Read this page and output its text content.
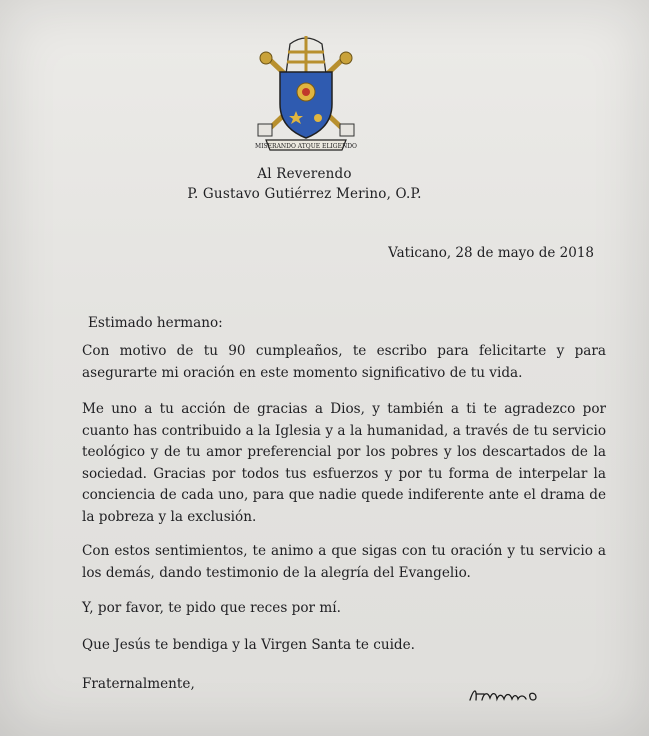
MISERANDO ATQUE ELIGENDO
Al Reverendo
P. Gustavo Gutiérrez Merino, O.P.
Vaticano, 28 de mayo de 2018
Estimado hermano:
Con motivo de tu 90 cumpleaños, te escribo para felicitarte y para asegurarte mi oración en este momento significativo de tu vida.
Me uno a tu acción de gracias a Dios, y también a ti te agradezco por cuanto has contribuido a la Iglesia y a la humanidad, a través de tu servicio teológico y de tu amor preferencial por los pobres y los descartados de la sociedad. Gracias por todos tus esfuerzos y por tu forma de interpelar la conciencia de cada uno, para que nadie quede indiferente ante el drama de la pobreza y la exclusión.
Con estos sentimientos, te animo a que sigas con tu oración y tu servicio a los demás, dando testimonio de la alegría del Evangelio.
Y, por favor, te pido que reces por mí.
Que Jesús te bendiga y la Virgen Santa te cuide.
Fraternalmente,
